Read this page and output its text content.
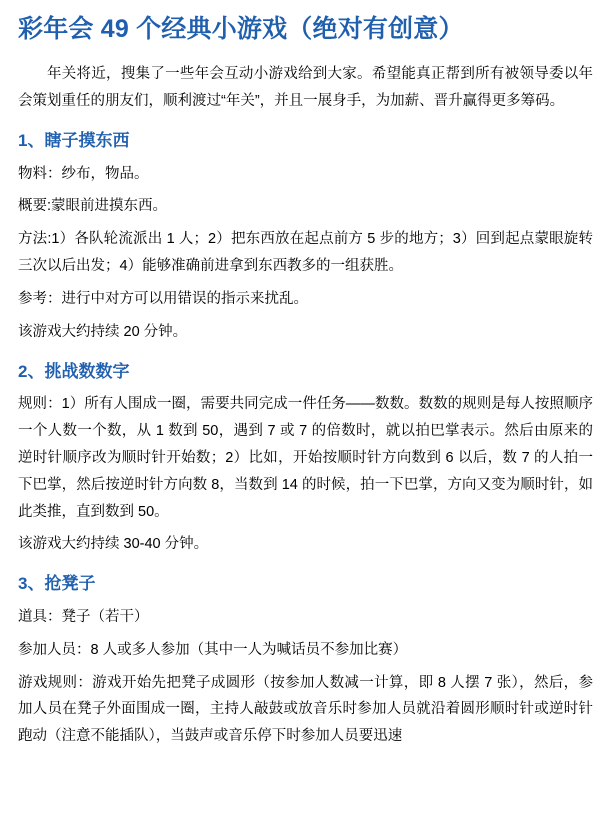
彩年会 49 个经典小游戏（绝对有创意）

年关将近，搜集了一些年会互动小游戏给到大家。希望能真正帮到所有被领导委以年会策划重任的朋友们，顺利渡过“年关”，并且一展身手，为加薪、晋升赢得更多筹码。

1、瞎子摸东西

物料：纱布，物品。

概要:蒙眼前进摸东西。

方法:1）各队轮流派出 1 人；2）把东西放在起点前方 5 步的地方；3）回到起点蒙眼旋转三次以后出发；4）能够准确前进拿到东西教多的一组获胜。

参考：进行中对方可以用错误的指示来扰乱。

该游戏大约持续 20 分钟。

2、挑战数数字

规则：1）所有人围成一圈，需要共同完成一件任务——数数。数数的规则是每人按照顺序一个人数一个数，从 1 数到 50，遇到 7 或 7 的倍数时，就以拍巴掌表示。然后由原来的逆时针顺序改为顺时针开始数；2）比如，开始按顺时针方向数到 6 以后，数 7 的人拍一下巴掌，然后按逆时针方向数 8，当数到 14 的时候，拍一下巴掌，方向又变为顺时针，如此类推，直到数到 50。

该游戏大约持续 30-40 分钟。

3、抢凳子

道具：凳子（若干）

参加人员：8 人或多人参加（其中一人为喊话员不参加比赛）

游戏规则：游戏开始先把凳子成圆形（按参加人数减一计算，即 8 人摆 7 张），然后，参加人员在凳子外面围成一圈，主持人敲鼓或放音乐时参加人员就沿着圆形顺时针或逆时针跑动（注意不能插队），当鼓声或音乐停下时参加人员要迅速
